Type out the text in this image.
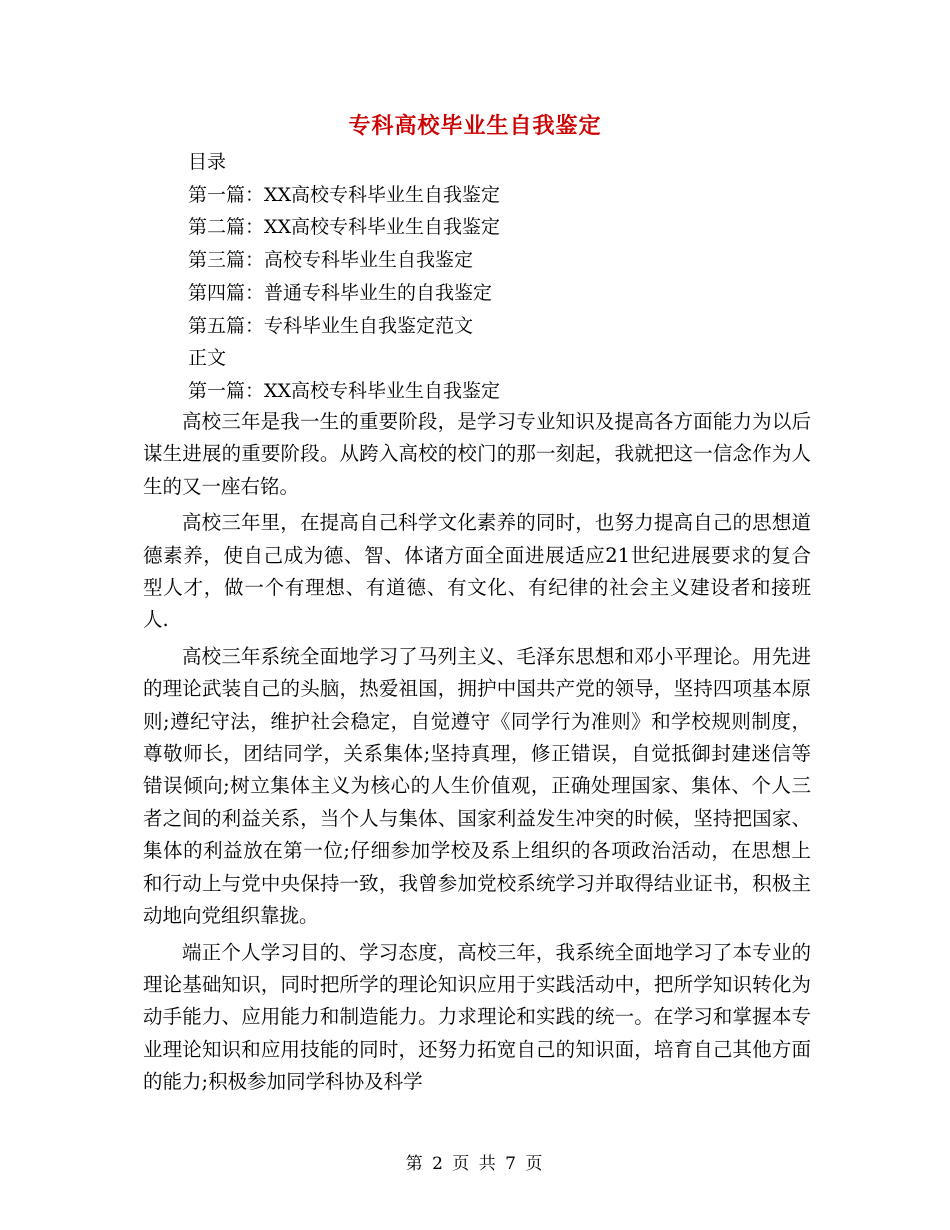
专科高校毕业生自我鉴定
目录
第一篇：XX高校专科毕业生自我鉴定
第二篇：XX高校专科毕业生自我鉴定
第三篇：高校专科毕业生自我鉴定
第四篇：普通专科毕业生的自我鉴定
第五篇：专科毕业生自我鉴定范文
正文
第一篇：XX高校专科毕业生自我鉴定

高校三年是我一生的重要阶段，是学习专业知识及提高各方面能力为以后谋生进展的重要阶段。从跨入高校的校门的那一刻起，我就把这一信念作为人生的又一座右铭。

高校三年里，在提高自己科学文化素养的同时，也努力提高自己的思想道德素养，使自己成为德、智、体诸方面全面进展适应21世纪进展要求的复合型人才，做一个有理想、有道德、有文化、有纪律的社会主义建设者和接班人.

高校三年系统全面地学习了马列主义、毛泽东思想和邓小平理论。用先进的理论武装自己的头脑，热爱祖国，拥护中国共产党的领导，坚持四项基本原则;遵纪守法，维护社会稳定，自觉遵守《同学行为准则》和学校规则制度，尊敬师长，团结同学，关系集体;坚持真理，修正错误，自觉抵御封建迷信等错误倾向;树立集体主义为核心的人生价值观，正确处理国家、集体、个人三者之间的利益关系，当个人与集体、国家利益发生冲突的时候，坚持把国家、集体的利益放在第一位;仔细参加学校及系上组织的各项政治活动，在思想上和行动上与党中央保持一致，我曾参加党校系统学习并取得结业证书，积极主动地向党组织靠拢。

端正个人学习目的、学习态度，高校三年，我系统全面地学习了本专业的理论基础知识，同时把所学的理论知识应用于实践活动中，把所学知识转化为动手能力、应用能力和制造能力。力求理论和实践的统一。在学习和掌握本专业理论知识和应用技能的同时，还努力拓宽自己的知识面，培育自己其他方面的能力;积极参加同学科协及科学

第 2 页 共 7 页
